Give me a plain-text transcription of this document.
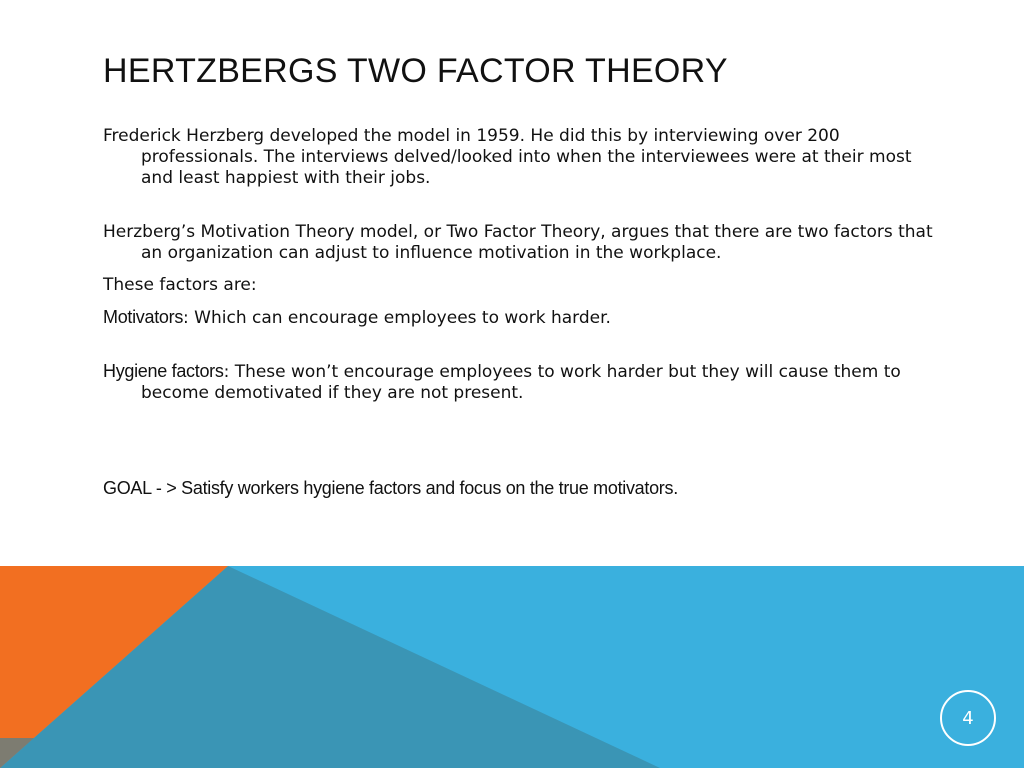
HERTZBERGS TWO FACTOR THEORY

Frederick Herzberg developed the model in 1959. He did this by interviewing over 200 professionals. The interviews delved/looked into when the interviewees were at their most and least happiest with their jobs.

Herzberg’s Motivation Theory model, or Two Factor Theory, argues that there are two factors that an organization can adjust to influence motivation in the workplace.

These factors are:

Motivators: Which can encourage employees to work harder.

Hygiene factors: These won’t encourage employees to work harder but they will cause them to become demotivated if they are not present.

GOAL - > Satisfy workers hygiene factors and focus on the true motivators.

4
